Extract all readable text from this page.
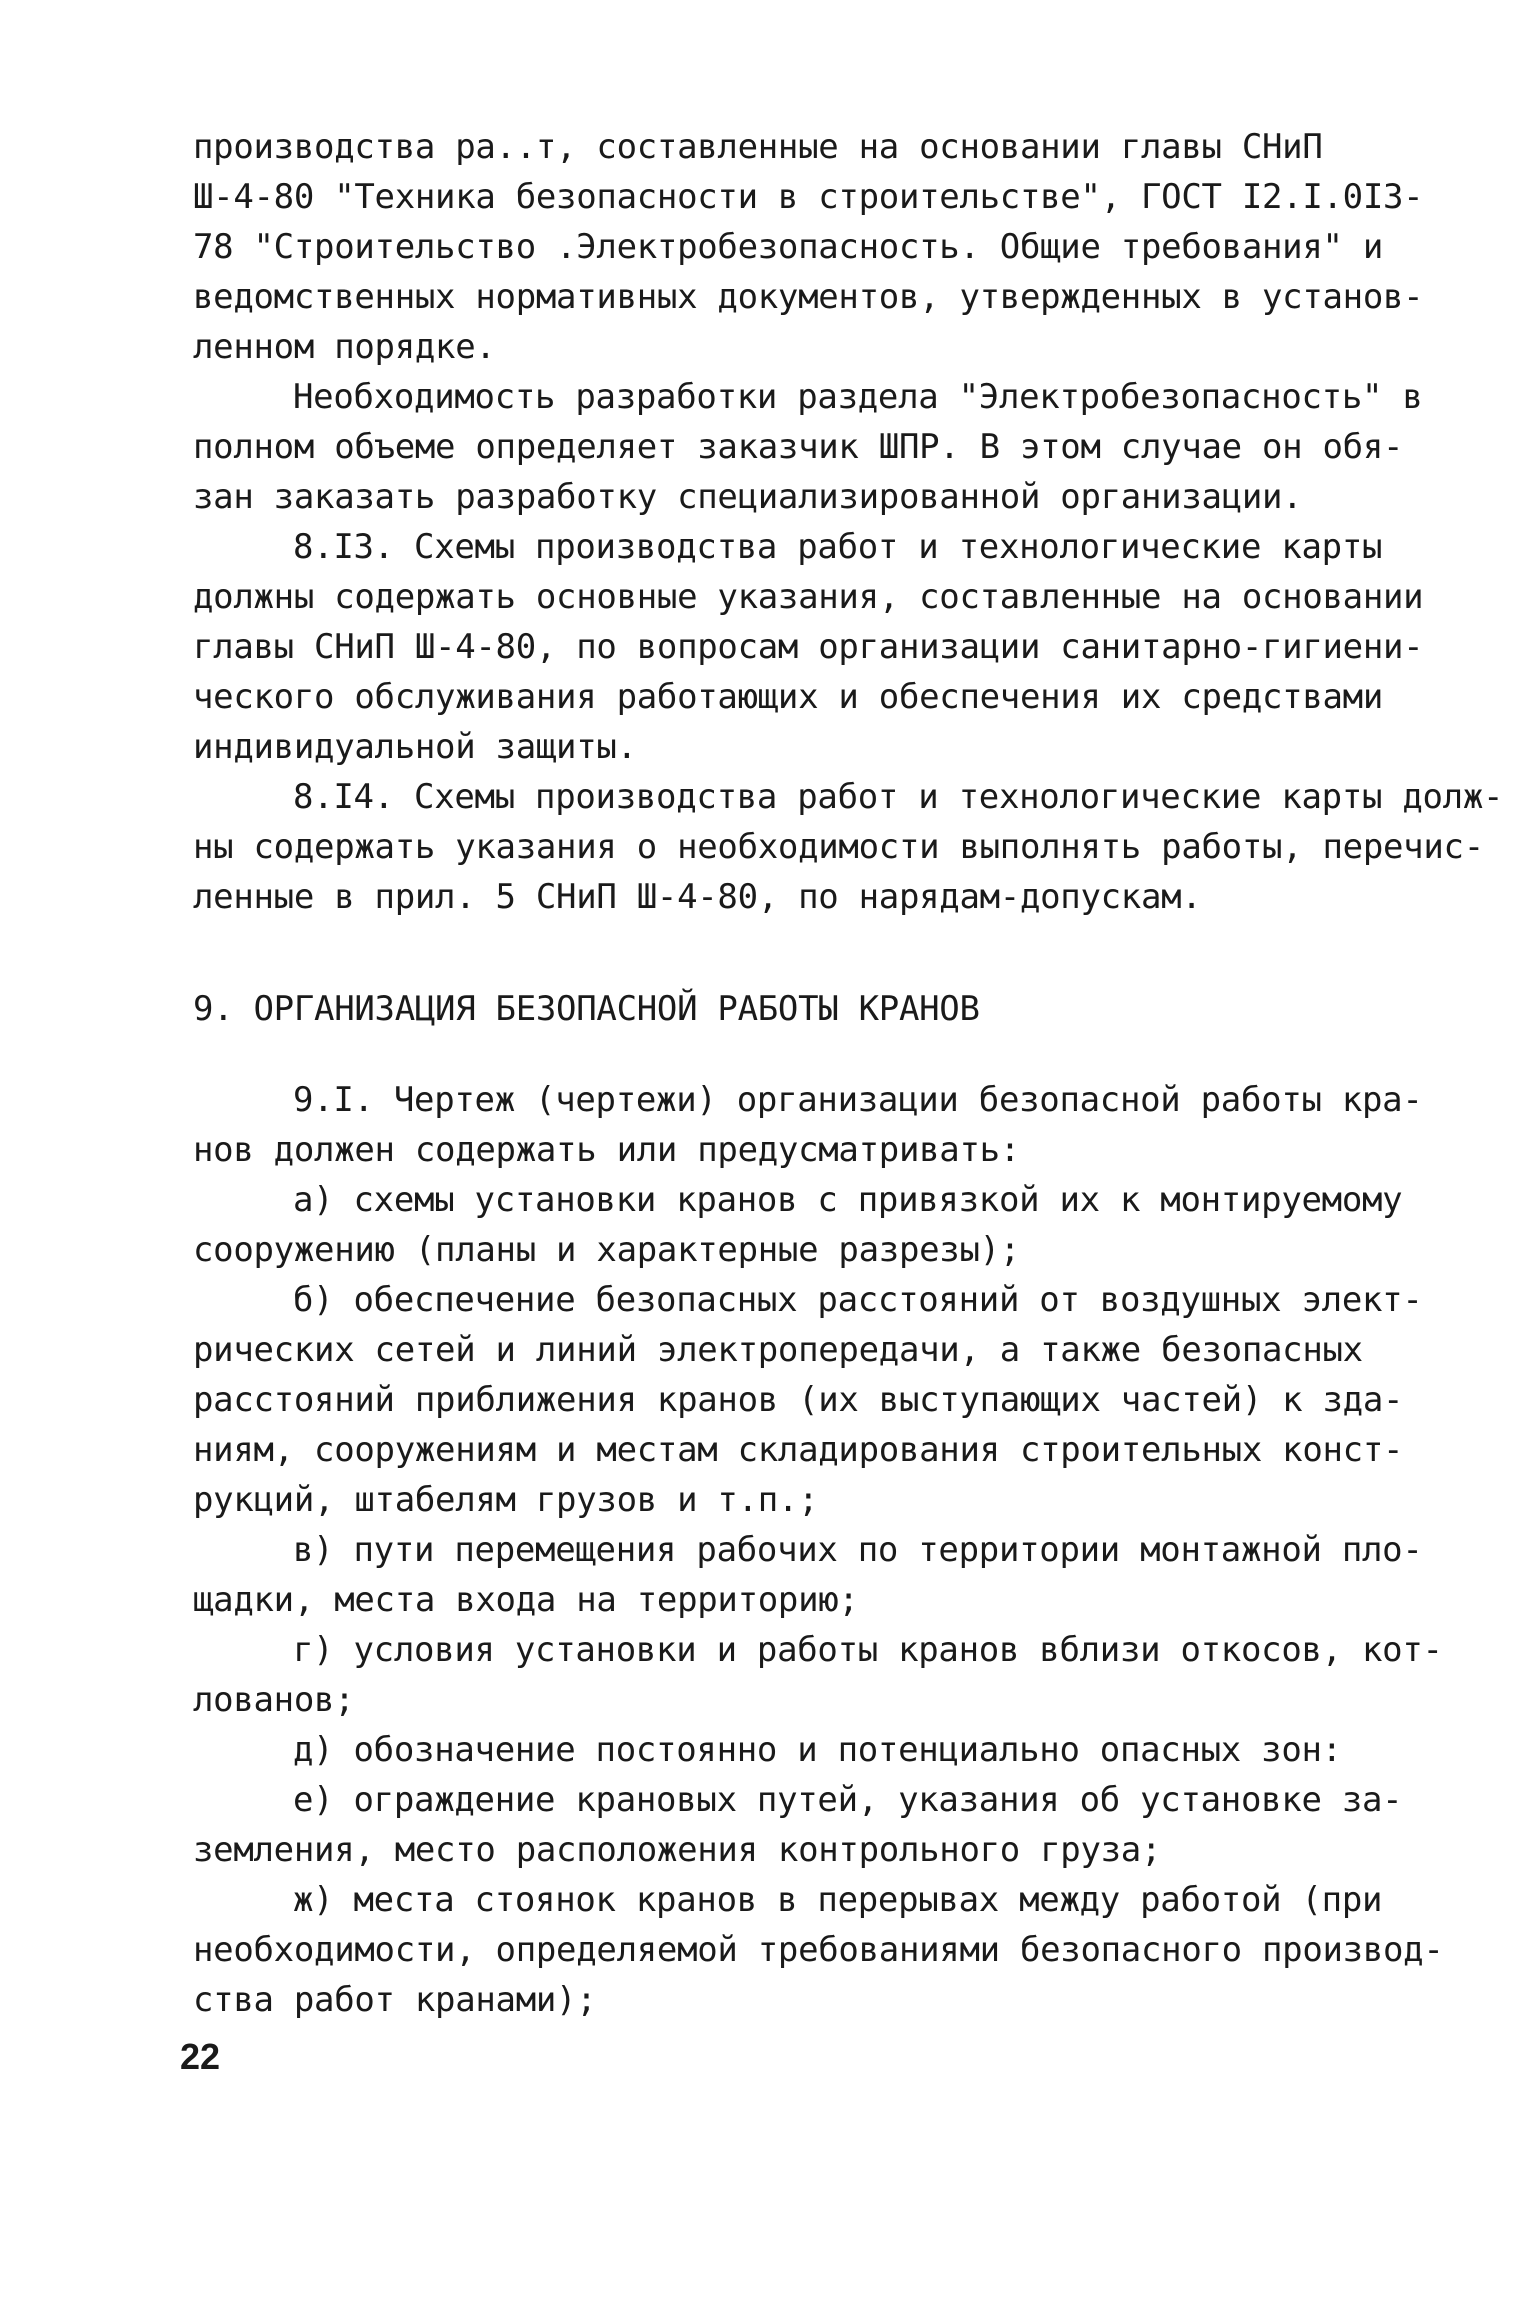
производства ра..т, составленные на основании главы СНиП
Ш-4-80 "Техника безопасности в строительстве", ГОСТ I2.I.0I3-
78 "Строительство .Электробезопасность. Общие требования" и
ведомственных нормативных документов, утвержденных в установ-
ленном порядке.
Необходимость разработки раздела "Электробезопасность" в
полном объеме определяет заказчик ШПР. В этом случае он обя-
зан заказать разработку специализированной организации.
8.I3. Схемы производства работ и технологические карты
должны содержать основные указания, составленные на основании
главы СНиП Ш-4-80, по вопросам организации санитарно-гигиени-
ческого обслуживания работающих и обеспечения их средствами
индивидуальной защиты.
8.I4. Схемы производства работ и технологические карты долж-
ны содержать указания о необходимости выполнять работы, перечис-
ленные в прил. 5 СНиП Ш-4-80, по нарядам-допускам.
9. ОРГАНИЗАЦИЯ БЕЗОПАСНОЙ РАБОТЫ КРАНОВ
9.I. Чертеж (чертежи) организации безопасной работы кра-
нов должен содержать или предусматривать:
а) схемы установки кранов с привязкой их к монтируемому
сооружению (планы и характерные разрезы);
б) обеспечение безопасных расстояний от воздушных элект-
рических сетей и линий электропередачи, а также безопасных
расстояний приближения кранов (их выступающих частей) к зда-
ниям, сооружениям и местам складирования строительных конст-
рукций, штабелям грузов и т.п.;
в) пути перемещения рабочих по территории монтажной пло-
щадки, места входа на территорию;
г) условия установки и работы кранов вблизи откосов, кот-
лованов;
д) обозначение постоянно и потенциально опасных зон:
е) ограждение крановых путей, указания об установке за-
земления, место расположения контрольного груза;
ж) места стоянок кранов в перерывах между работой (при
необходимости, определяемой требованиями безопасного производ-
ства работ кранами);
22
